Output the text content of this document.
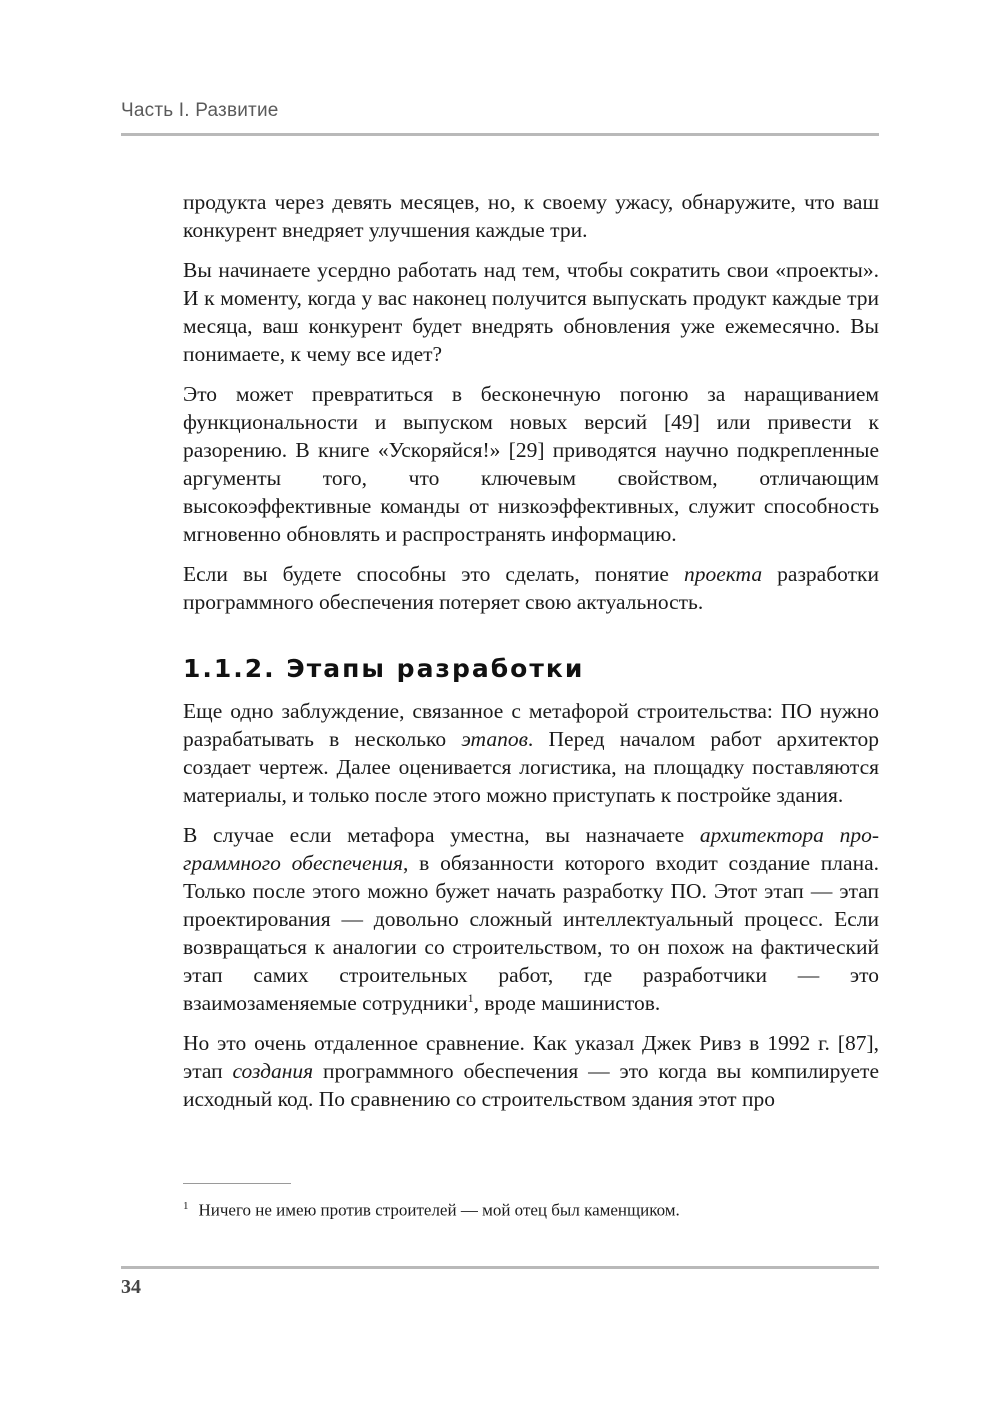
Часть I. Развитие

продукта через девять месяцев, но, к своему ужасу, обнаружите, что ваш конкурент внедряет улучшения каждые три.

Вы начинаете усердно работать над тем, чтобы сократить свои «проекты». И к моменту, когда у вас наконец получится выпускать продукт каждые три месяца, ваш конкурент будет внедрять обновления уже ежемесячно. Вы понимаете, к чему все идет?

Это может превратиться в бесконечную погоню за наращиванием функциональности и выпуском новых версий [49] или привести к разорению. В книге «Ускоряйся!» [29] приводятся научно подкрепленные аргументы того, что ключевым свойством, отличающим высокоэффективные команды от низкоэффективных, служит способность мгновенно обновлять и распространять информацию.

Если вы будете способны это сделать, понятие проекта разработки программного обеспечения потеряет свою актуальность.

1.1.2. Этапы разработки

Еще одно заблуждение, связанное с метафорой строительства: ПО нужно разрабатывать в несколько этапов. Перед началом работ архитектор создает чертеж. Далее оценивается логистика, на площадку поставляются материалы, и только после этого можно приступать к постройке здания.

В случае если метафора уместна, вы назначаете архитектора программного обеспечения, в обязанности которого входит создание плана. Только после этого можно бужет начать разработку ПО. Этот этап — этап проектирования — довольно сложный интеллектуальный процесс. Если возвращаться к аналогии со строительством, то он похож на фактический этап самих строительных работ, где разработчики — это взаимозаменяемые сотрудники$^1$, вроде машинистов.

Но это очень отдаленное сравнение. Как указал Джек Ривз в 1992 г. [87], этап создания программного обеспечения — это когда вы компилируете исходный код. По сравнению со строительством здания этот про

$^1$ Ничего не имею против строителей — мой отец был каменщиком.
34
